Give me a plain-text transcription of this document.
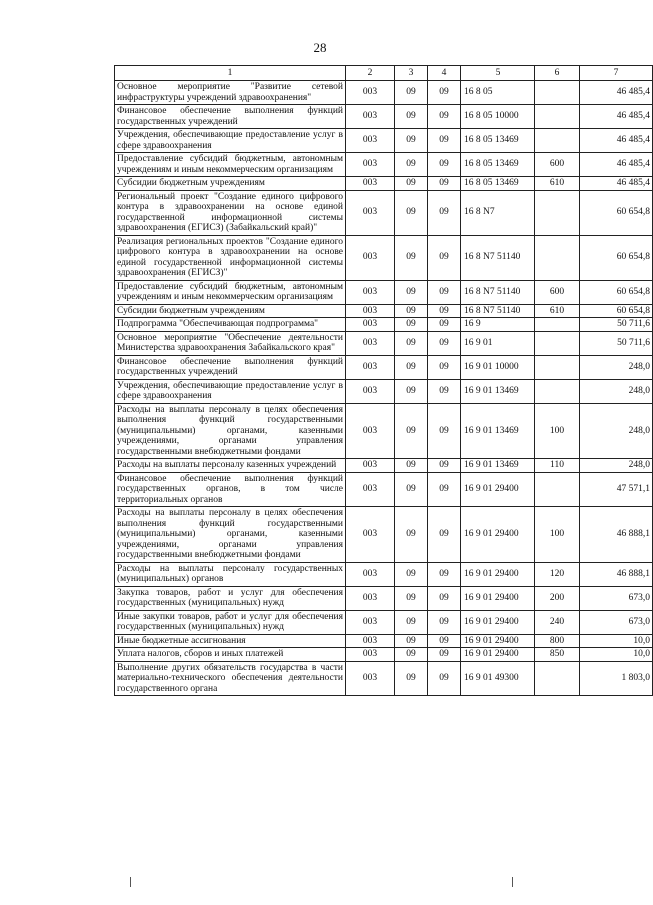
28
1	2	3	4	5	6	7
Основное мероприятие "Развитие сетевой инфраструктуры учреждений здравоохранения"	003	09	09	16 8 05		46 485,4
Финансовое обеспечение выполнения функций государственных учреждений	003	09	09	16 8 05 10000		46 485,4
Учреждения, обеспечивающие предоставление услуг в сфере здравоохранения	003	09	09	16 8 05 13469		46 485,4
Предоставление субсидий бюджетным, автономным учреждениям и иным некоммерческим организациям	003	09	09	16 8 05 13469	600	46 485,4
Субсидии бюджетным учреждениям	003	09	09	16 8 05 13469	610	46 485,4
Региональный проект "Создание единого цифрового контура в здравоохранении на основе единой государственной информационной системы здравоохранения (ЕГИСЗ) (Забайкальский край)"	003	09	09	16 8 N7		60 654,8
Реализация региональных проектов "Создание единого цифрового контура в здравоохранении на основе единой государственной информационной системы здравоохранения (ЕГИСЗ)"	003	09	09	16 8 N7 51140		60 654,8
Предоставление субсидий бюджетным, автономным учреждениям и иным некоммерческим организациям	003	09	09	16 8 N7 51140	600	60 654,8
Субсидии бюджетным учреждениям	003	09	09	16 8 N7 51140	610	60 654,8
Подпрограмма "Обеспечивающая подпрограмма"	003	09	09	16 9		50 711,6
Основное мероприятие "Обеспечение деятельности Министерства здравоохранения Забайкальского края"	003	09	09	16 9 01		50 711,6
Финансовое обеспечение выполнения функций государственных учреждений	003	09	09	16 9 01 10000		248,0
Учреждения, обеспечивающие предоставление услуг в сфере здравоохранения	003	09	09	16 9 01 13469		248,0
Расходы на выплаты персоналу в целях обеспечения выполнения функций государственными (муниципальными) органами, казенными учреждениями, органами управления государственными внебюджетными фондами	003	09	09	16 9 01 13469	100	248,0
Расходы на выплаты персоналу казенных учреждений	003	09	09	16 9 01 13469	110	248,0
Финансовое обеспечение выполнения функций государственных органов, в том числе территориальных органов	003	09	09	16 9 01 29400		47 571,1
Расходы на выплаты персоналу в целях обеспечения выполнения функций государственными (муниципальными) органами, казенными учреждениями, органами управления государственными внебюджетными фондами	003	09	09	16 9 01 29400	100	46 888,1
Расходы на выплаты персоналу государственных (муниципальных) органов	003	09	09	16 9 01 29400	120	46 888,1
Закупка товаров, работ и услуг для обеспечения государственных (муниципальных) нужд	003	09	09	16 9 01 29400	200	673,0
Иные закупки товаров, работ и услуг для обеспечения государственных (муниципальных) нужд	003	09	09	16 9 01 29400	240	673,0
Иные бюджетные ассигнования	003	09	09	16 9 01 29400	800	10,0
Уплата налогов, сборов и иных платежей	003	09	09	16 9 01 29400	850	10,0
Выполнение других обязательств государства в части материально-технического обеспечения деятельности государственного органа	003	09	09	16 9 01 49300		1 803,0
